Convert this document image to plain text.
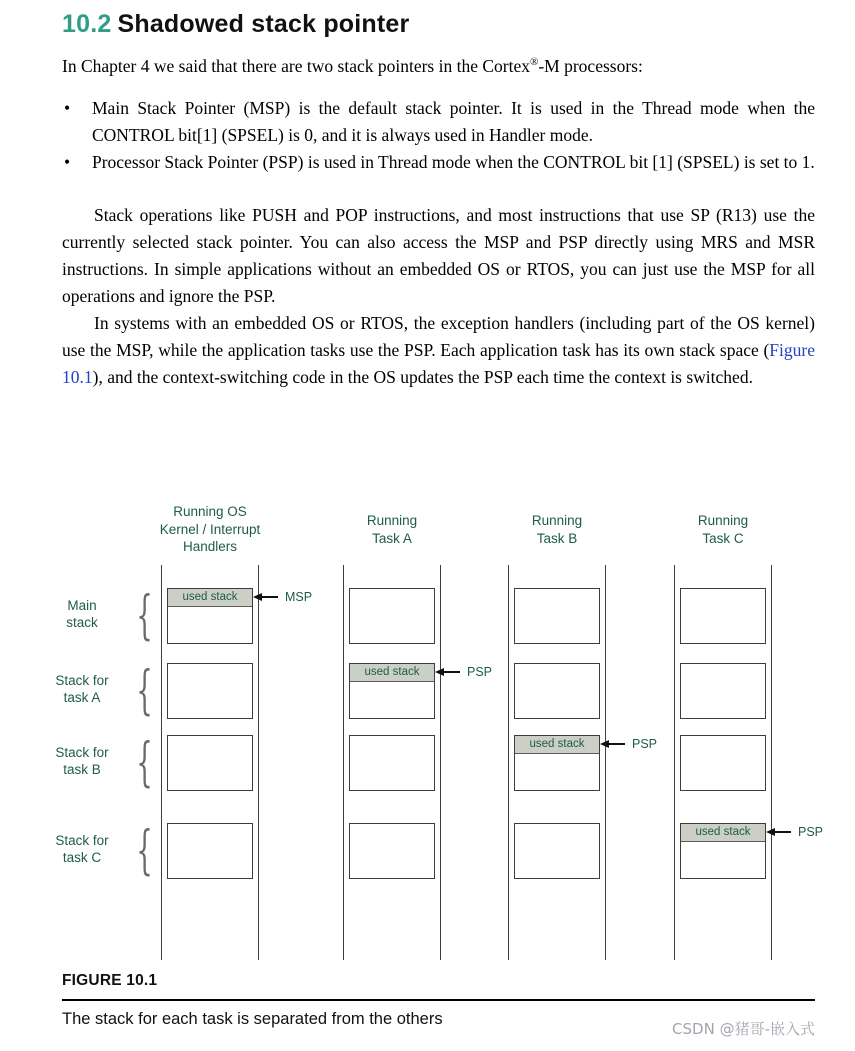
10.2 Shadowed stack pointer

In Chapter 4 we said that there are two stack pointers in the Cortex®-M processors:

• Main Stack Pointer (MSP) is the default stack pointer. It is used in the Thread mode when the CONTROL bit[1] (SPSEL) is 0, and it is always used in Handler mode.
• Processor Stack Pointer (PSP) is used in Thread mode when the CONTROL bit [1] (SPSEL) is set to 1.

Stack operations like PUSH and POP instructions, and most instructions that use SP (R13) use the currently selected stack pointer. You can also access the MSP and PSP directly using MRS and MSR instructions. In simple applications without an embedded OS or RTOS, you can just use the MSP for all operations and ignore the PSP.

In systems with an embedded OS or RTOS, the exception handlers (including part of the OS kernel) use the MSP, while the application tasks use the PSP. Each application task has its own stack space (Figure 10.1), and the context-switching code in the OS updates the PSP each time the context is switched.

Main
stack
Stack for
task A
Stack for
task B
Stack for
task C
{
{
{
{
Running OS
Kernel / Interrupt
Handlers
used stack	MSP
Running
Task A
used stack	PSP
Running
Task B
used stack	PSP
Running
Task C
used stack	PSP
FIGURE 10.1
The stack for each task is separated from the others
CSDN @猪哥-嵌入式
